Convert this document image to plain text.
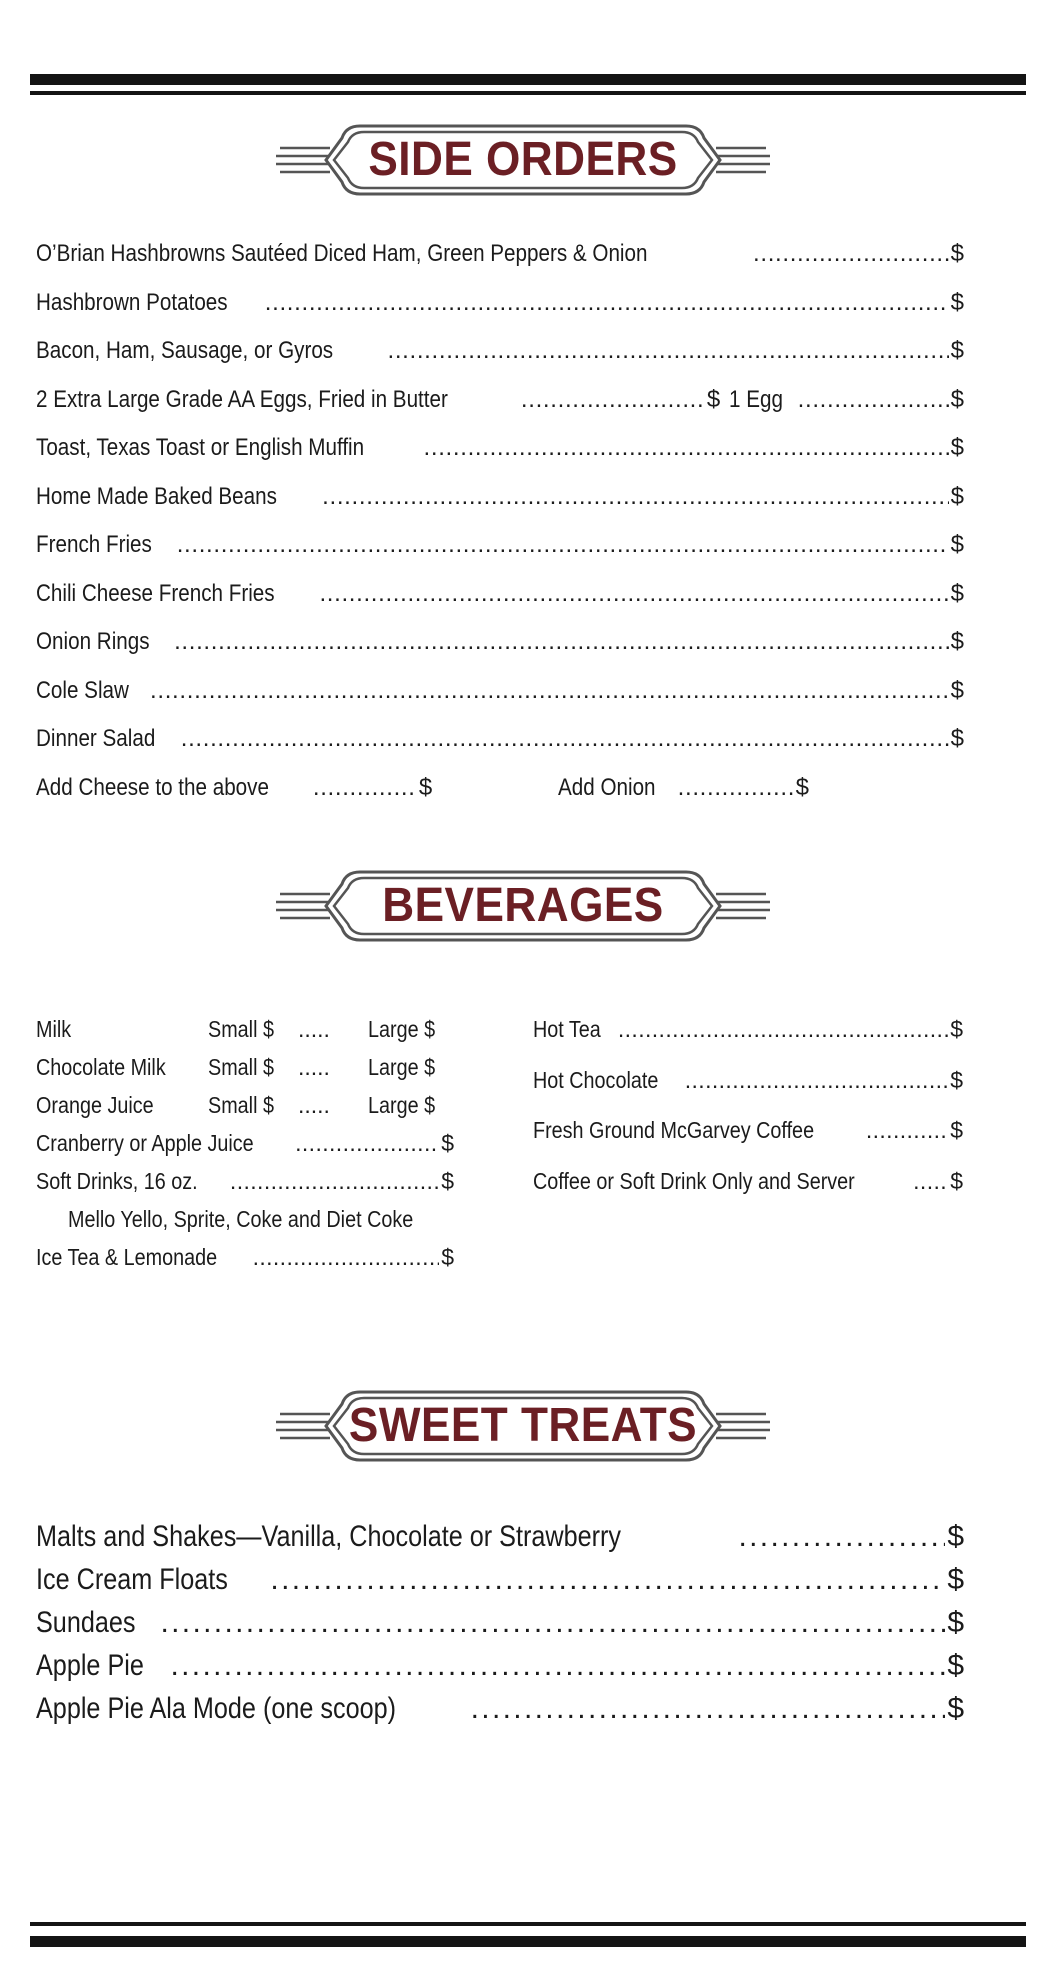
SIDE ORDERS
O’Brian Hashbrowns Sautéed Diced Ham, Green Peppers & Onion . . .	$
Hashbrown Potatoes . . .	$
Bacon, Ham, Sausage, or Gyros . . .	$
2 Extra Large Grade AA Eggs, Fried in Butter . . .	$ 1 Egg . . .	$
Toast, Texas Toast or English Muffin . . .	$
Home Made Baked Beans . . .	$
French Fries . . .	$
Chili Cheese French Fries . . .	$
Onion Rings . . .	$
Cole Slaw . . .	$
Dinner Salad . . .	$
Add Cheese to the above . . .	$	Add Onion . . .	$
BEVERAGES
Milk	Small $	.....	Large $
Chocolate Milk	Small $	.....	Large $
Orange Juice	Small $	.....	Large $
Cranberry or Apple Juice . . .	$
Soft Drinks, 16 oz. . . .	$
Mello Yello, Sprite, Coke and Diet Coke
Ice Tea & Lemonade . . .	$
Hot Tea . . .	$
Hot Chocolate . . .	$
Fresh Ground McGarvey Coffee . . .	$
Coffee or Soft Drink Only and Server . . .	$
SWEET TREATS
Malts and Shakes—Vanilla, Chocolate or Strawberry . . .	$
Ice Cream Floats . . .	$
Sundaes . . .	$
Apple Pie . . .	$
Apple Pie Ala Mode (one scoop) . . .	$
